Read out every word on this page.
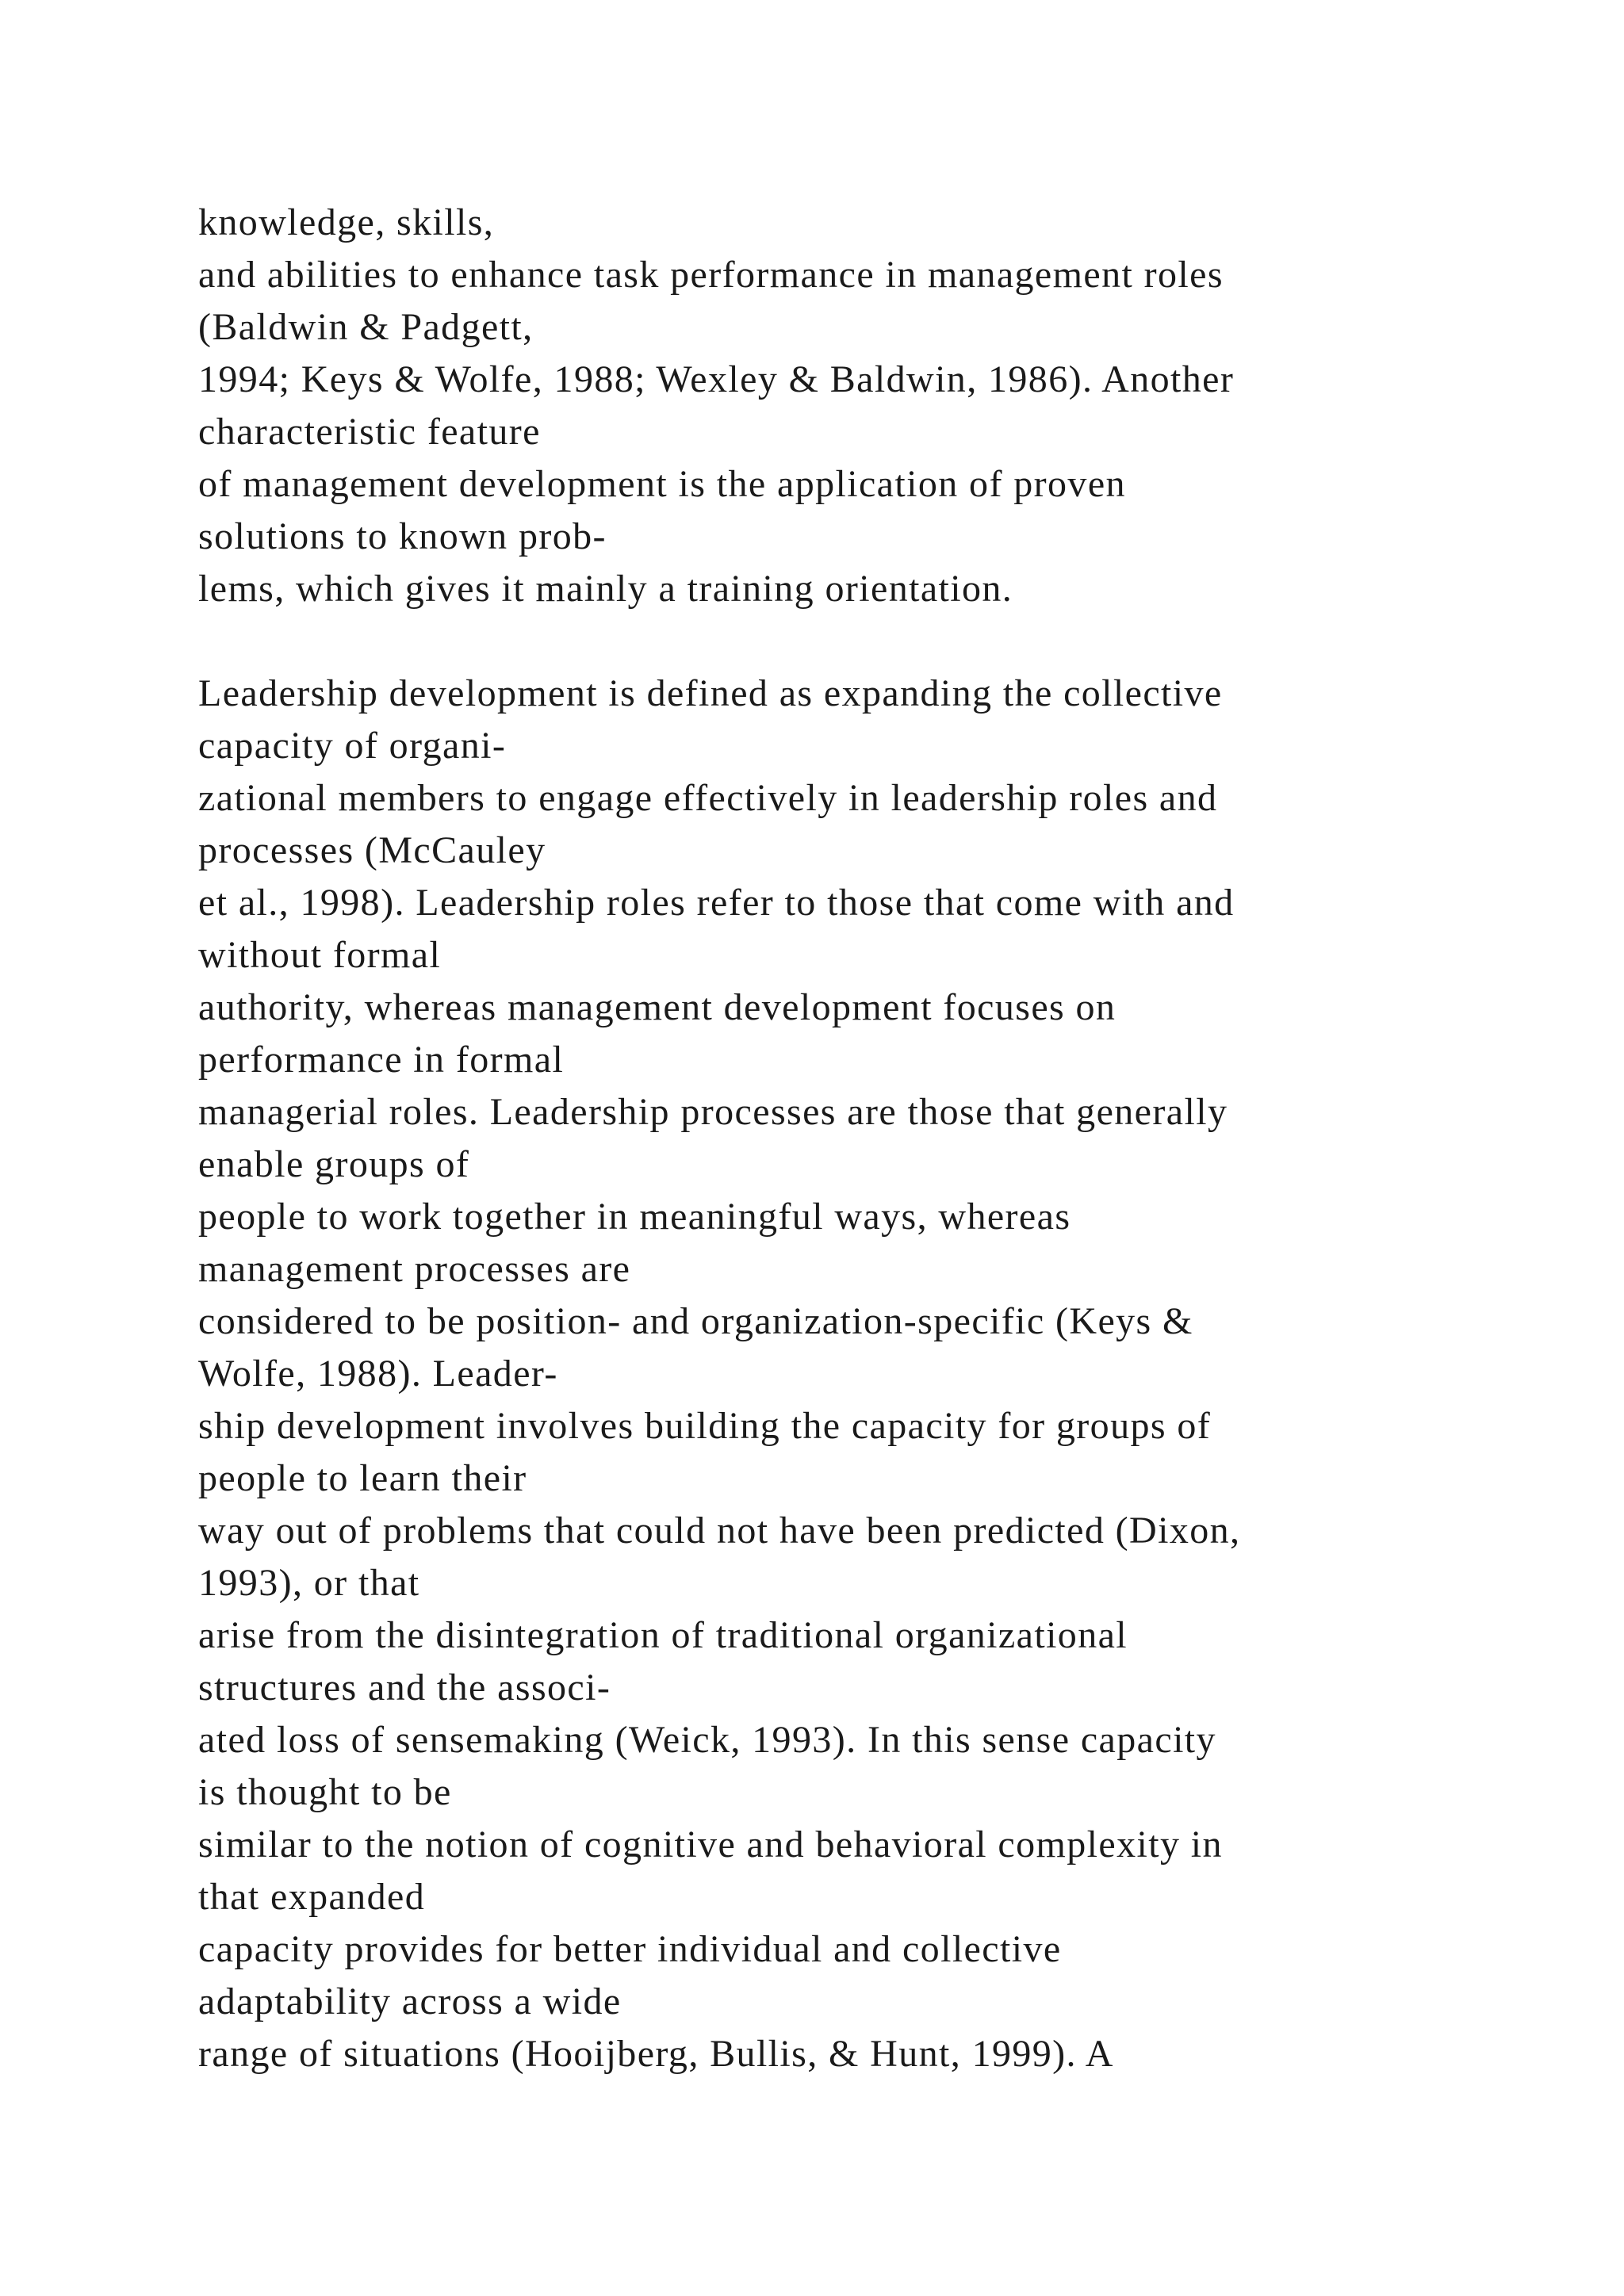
knowledge, skills,
and abilities to enhance task performance in management roles
(Baldwin & Padgett,
1994; Keys & Wolfe, 1988; Wexley & Baldwin, 1986). Another
characteristic feature
of management development is the application of proven
solutions to known prob-
lems, which gives it mainly a training orientation.
Leadership development is defined as expanding the collective
capacity of organi-
zational members to engage effectively in leadership roles and
processes (McCauley
et al., 1998). Leadership roles refer to those that come with and
without formal
authority, whereas management development focuses on
performance in formal
managerial roles. Leadership processes are those that generally
enable groups of
people to work together in meaningful ways, whereas
management processes are
considered to be position- and organization-specific (Keys &
Wolfe, 1988). Leader-
ship development involves building the capacity for groups of
people to learn their
way out of problems that could not have been predicted (Dixon,
1993), or that
arise from the disintegration of traditional organizational
structures and the associ-
ated loss of sensemaking (Weick, 1993). In this sense capacity
is thought to be
similar to the notion of cognitive and behavioral complexity in
that expanded
capacity provides for better individual and collective
adaptability across a wide
range of situations (Hooijberg, Bullis, & Hunt, 1999). A
